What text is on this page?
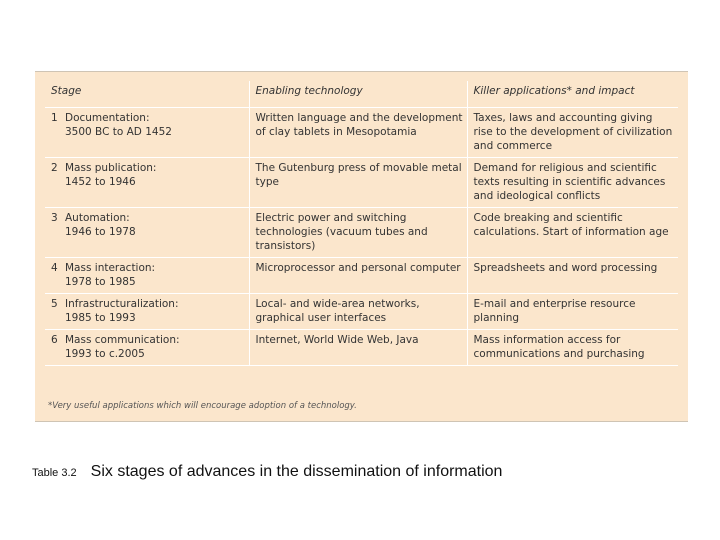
Stage	Enabling technology	Killer applications* and impact

1 Documentation:
3500 BC to AD 1452	Written language and the development of clay tablets in Mesopotamia	Taxes, laws and accounting giving rise to the development of civilization and commerce

2 Mass publication:
1452 to 1946	The Gutenburg press of movable metal type	Demand for religious and scientific texts resulting in scientific advances and ideological conflicts

3 Automation:
1946 to 1978	Electric power and switching technologies (vacuum tubes and transistors)	Code breaking and scientific calculations. Start of information age

4 Mass interaction:
1978 to 1985	Microprocessor and personal computer	Spreadsheets and word processing

5 Infrastructuralization:
1985 to 1993	Local- and wide-area networks, graphical user interfaces	E-mail and enterprise resource planning

6 Mass communication:
1993 to c.2005	Internet, World Wide Web, Java	Mass information access for communications and purchasing
*Very useful applications which will encourage adoption of a technology.
Table 3.2 Six stages of advances in the dissemination of information
